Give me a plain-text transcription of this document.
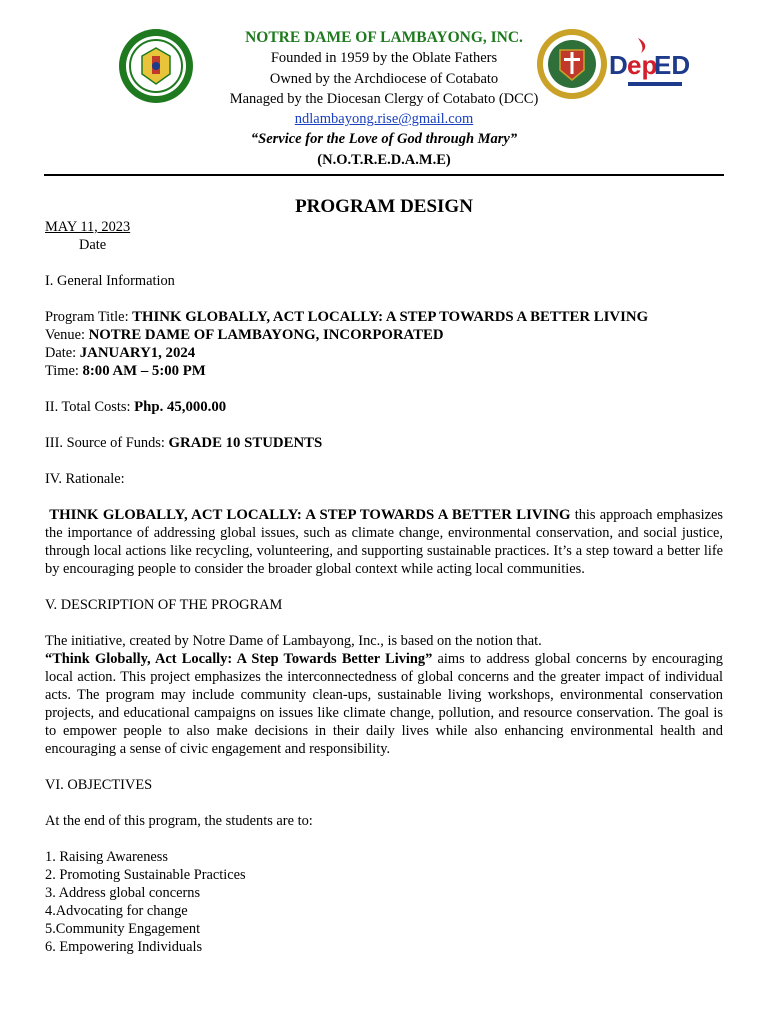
NOTRE DAME OF LAMBAYONG, INC.
Founded in 1959 by the Oblate Fathers
Owned by the Archdiocese of Cotabato
Managed by the Diocesan Clergy of Cotabato (DCC)
ndlambayong.rise@gmail.com
“Service for the Love of God through Mary”
(N.O.T.R.E.D.A.M.E)
D ep
ED
PROGRAM DESIGN

MAY 11, 2023

Date

I. General Information

Program Title: THINK GLOBALLY, ACT LOCALLY: A STEP TOWARDS A BETTER LIVING

Venue: NOTRE DAME OF LAMBAYONG, INCORPORATED

Date: JANUARY1, 2024

Time: 8:00 AM – 5:00 PM

II. Total Costs: Php. 45,000.00

III. Source of Funds: GRADE 10 STUDENTS

IV. Rationale:

THINK GLOBALLY, ACT LOCALLY: A STEP TOWARDS A BETTER LIVING this approach emphasizes the importance of addressing global issues, such as climate change, environmental conservation, and social justice, through local actions like recycling, volunteering, and supporting sustainable practices. It’s a step toward a better life by encouraging people to consider the broader global context while acting local communities.

V. DESCRIPTION OF THE PROGRAM

The initiative, created by Notre Dame of Lambayong, Inc., is based on the notion that.

“Think Globally, Act Locally: A Step Towards Better Living” aims to address global concerns by encouraging local action. This project emphasizes the interconnectedness of global concerns and the greater impact of individual acts. The program may include community clean-ups, sustainable living workshops, environmental conservation projects, and educational campaigns on issues like climate change, pollution, and resource conservation. The goal is to empower people to also make decisions in their daily lives while also enhancing environmental health and encouraging a sense of civic engagement and responsibility.

VI. OBJECTIVES

At the end of this program, the students are to:

1. Raising Awareness
2. Promoting Sustainable Practices
3. Address global concerns
4.Advocating for change
5.Community Engagement
6. Empowering Individuals
